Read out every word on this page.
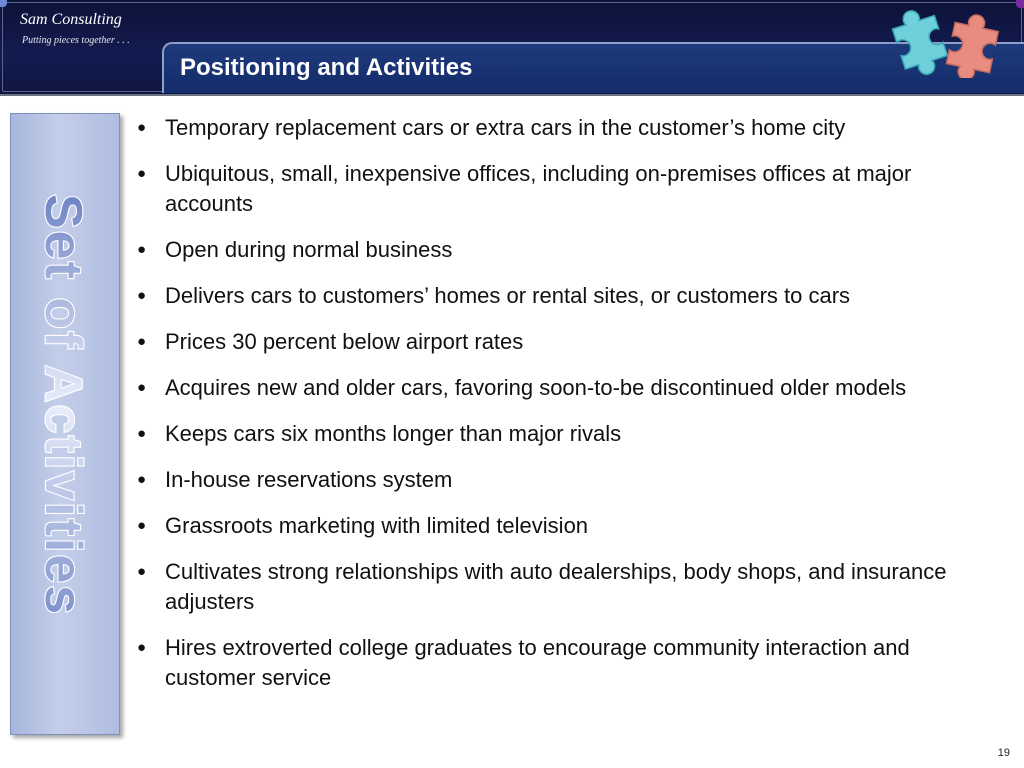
Sam Consulting
Putting pieces together . . .
Positioning and Activities
Set of Activities
● Temporary replacement cars or extra cars in the customer’s home city
● Ubiquitous, small, inexpensive offices, including on-premises offices at major accounts
● Open during normal business
● Delivers cars to customers’ homes or rental sites, or customers to cars
● Prices 30 percent below airport rates
● Acquires new and older cars, favoring soon-to-be discontinued older models
● Keeps cars six months longer than major rivals
● In-house reservations system
● Grassroots marketing with limited television
● Cultivates strong relationships with auto dealerships, body shops, and insurance adjusters
● Hires extroverted college graduates to encourage community interaction and customer service
19
